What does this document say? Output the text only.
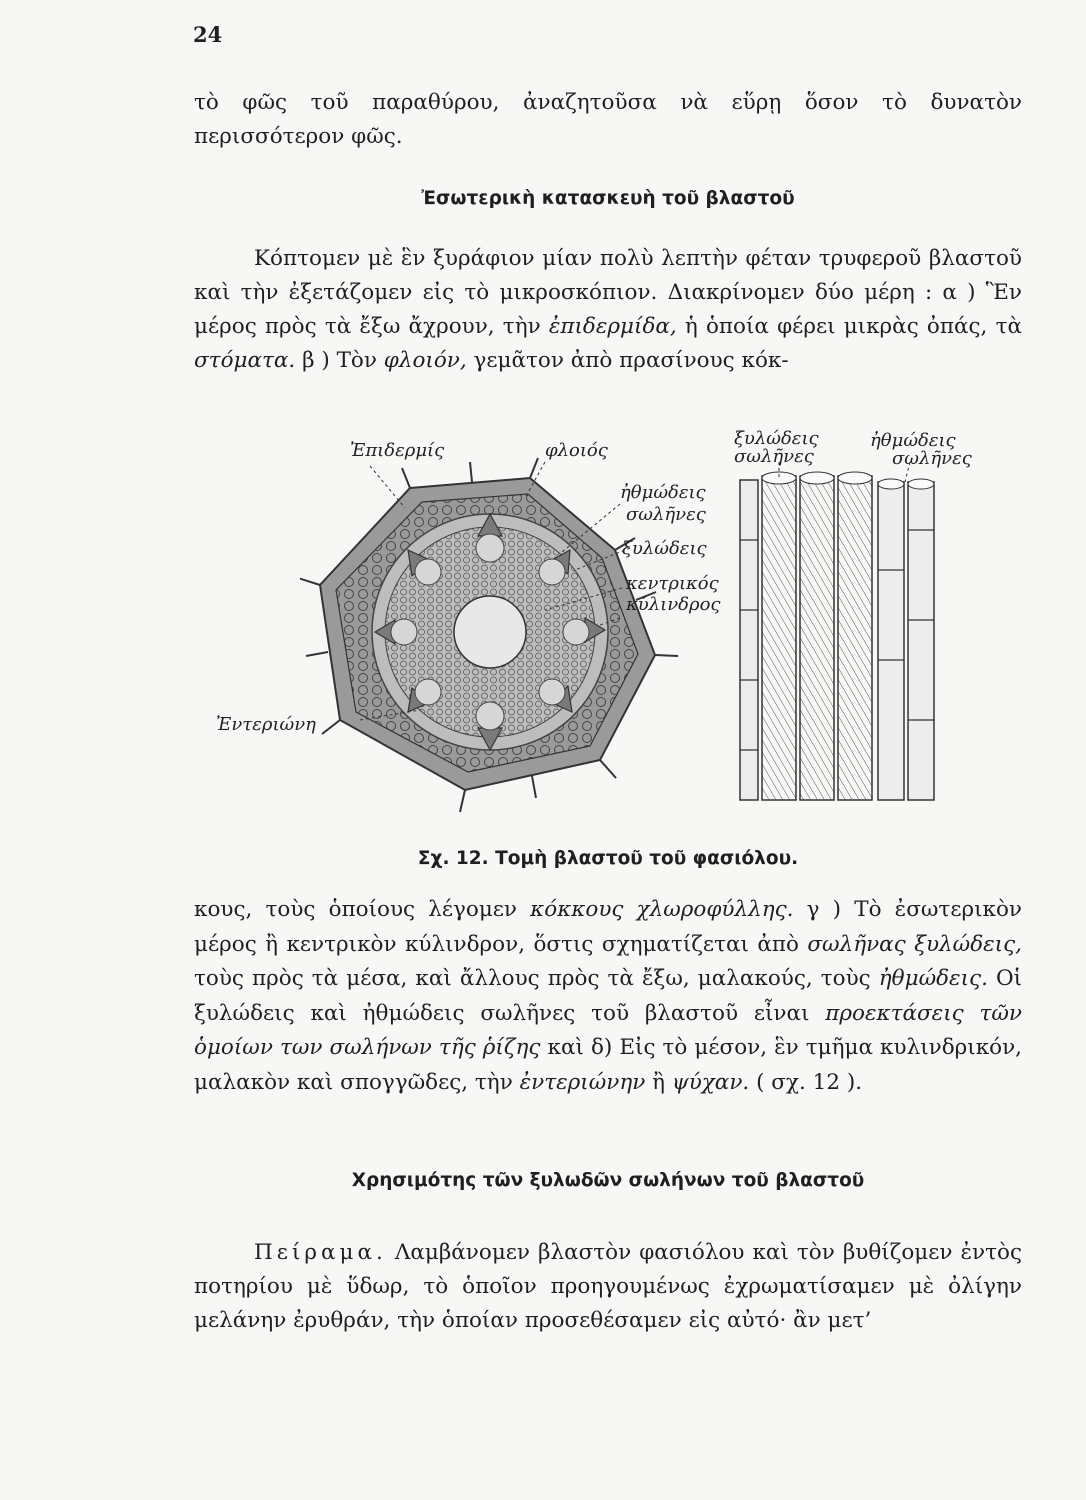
24

τὸ φῶς τοῦ παραθύρου, ἀναζητοῦσα νὰ εὕρῃ ὅσον τὸ δυνατὸν περισσότερον φῶς.

Ἐσωτερικὴ κατασκευὴ τοῦ βλαστοῦ

Κόπτομεν μὲ ἓν ξυράφιον μίαν πολὺ λεπτὴν φέταν τρυφεροῦ βλαστοῦ καὶ τὴν ἐξετάζομεν εἰς τὸ μικροσκόπιον. Διακρίνομεν δύο μέρη : α ) Ἓν μέρος πρὸς τὰ ἔξω ἄχρουν, τὴν ἐπιδερμίδα, ἡ ὁποία φέρει μικρὰς ὀπάς, τὰ στόματα. β ) Τὸν φλοιόν, γεμᾶτον ἀπὸ πρασίνους κόκ-

Ἐπιδερμίς	φλοιός
ξυλώδεις
σωλῆνες
ἠθμώδεις
σωλῆνες
ἠθμώδεις
σωλῆνες
ξυλώδεις
κεντρικός
κύλινδρος
Ἐντεριώνη
Σχ. 12. Τομὴ βλαστοῦ τοῦ φασιόλου.

κους, τοὺς ὁποίους λέγομεν κόκκους χλωροφύλλης. γ ) Τὸ ἐσωτερικὸν μέρος ἢ κεντρικὸν κύλινδρον, ὅστις σχηματίζεται ἀπὸ σωλῆνας ξυλώδεις, τοὺς πρὸς τὰ μέσα, καὶ ἄλλους πρὸς τὰ ἔξω, μαλακούς, τοὺς ἠθμώδεις. Οἱ ξυλώδεις καὶ ἠθμώδεις σωλῆνες τοῦ βλαστοῦ εἶναι προεκτάσεις τῶν ὁμοίων των σωλήνων τῆς ῥίζης καὶ δ) Εἰς τὸ μέσον, ἓν τμῆμα κυλινδρικόν, μαλακὸν καὶ σπογγῶδες, τὴν ἐντεριώνην ἢ ψύχαν. ( σχ. 12 ).

Χρησιμότης τῶν ξυλωδῶν σωλήνων τοῦ βλαστοῦ

Πείραμα. Λαμβάνομεν βλαστὸν φασιόλου καὶ τὸν βυθίζομεν ἐντὸς ποτηρίου μὲ ὕδωρ, τὸ ὁποῖον προηγουμένως ἐχρωματίσαμεν μὲ ὀλίγην μελάνην ἐρυθράν, τὴν ὁποίαν προσεθέσαμεν εἰς αὐτό· ἂν μετ’
